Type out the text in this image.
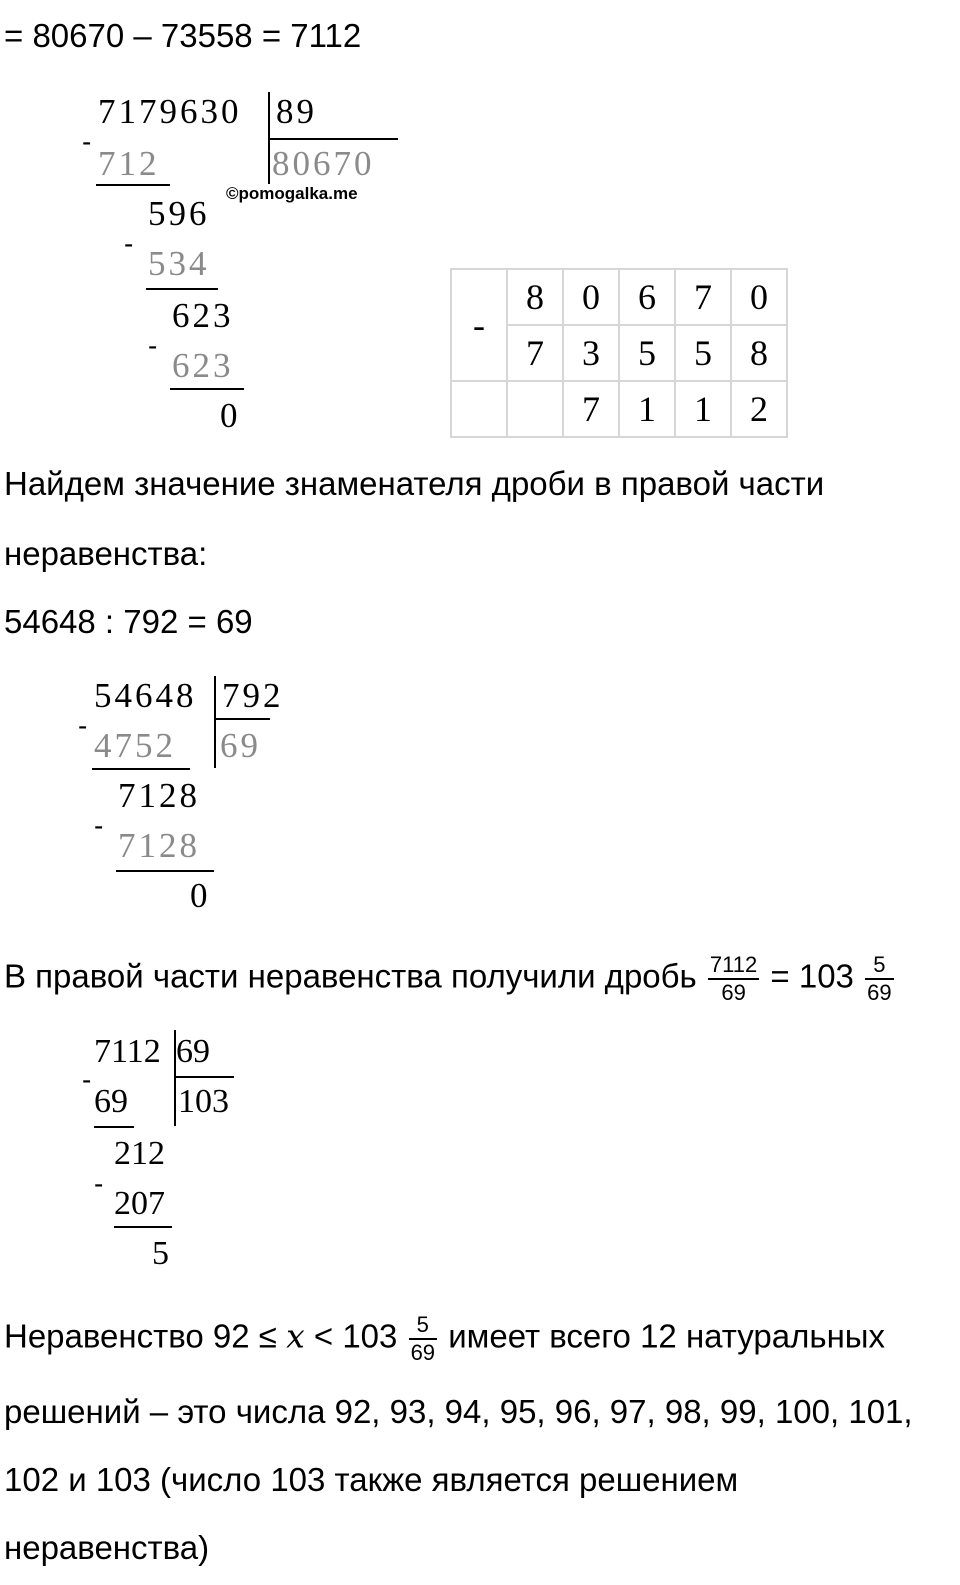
= 80670 – 73558 = 7112
7179630 89
80670
-
712
596
-
534
623
-
623
0
©pomogalka.me
-	8	0	6	7	0
	7	3	5	5	8
		7	1	1	2
Найдем значение знаменателя дроби в правой части
неравенства:
54648 : 792 = 69
54648 792
69
-
4752
7128
-
7128
0
В правой части неравенства получили дробь $\frac{7112}{69} = 103 \frac{5}{69}$
7112 69
103
-
69
212
-
207
5
Неравенство $92 \le x < 103 \frac{5}{69}$ имеет всего 12 натуральных
решений – это числа 92, 93, 94, 95, 96, 97, 98, 99, 100, 101,
102 и 103 (число 103 также является решением
неравенства)
